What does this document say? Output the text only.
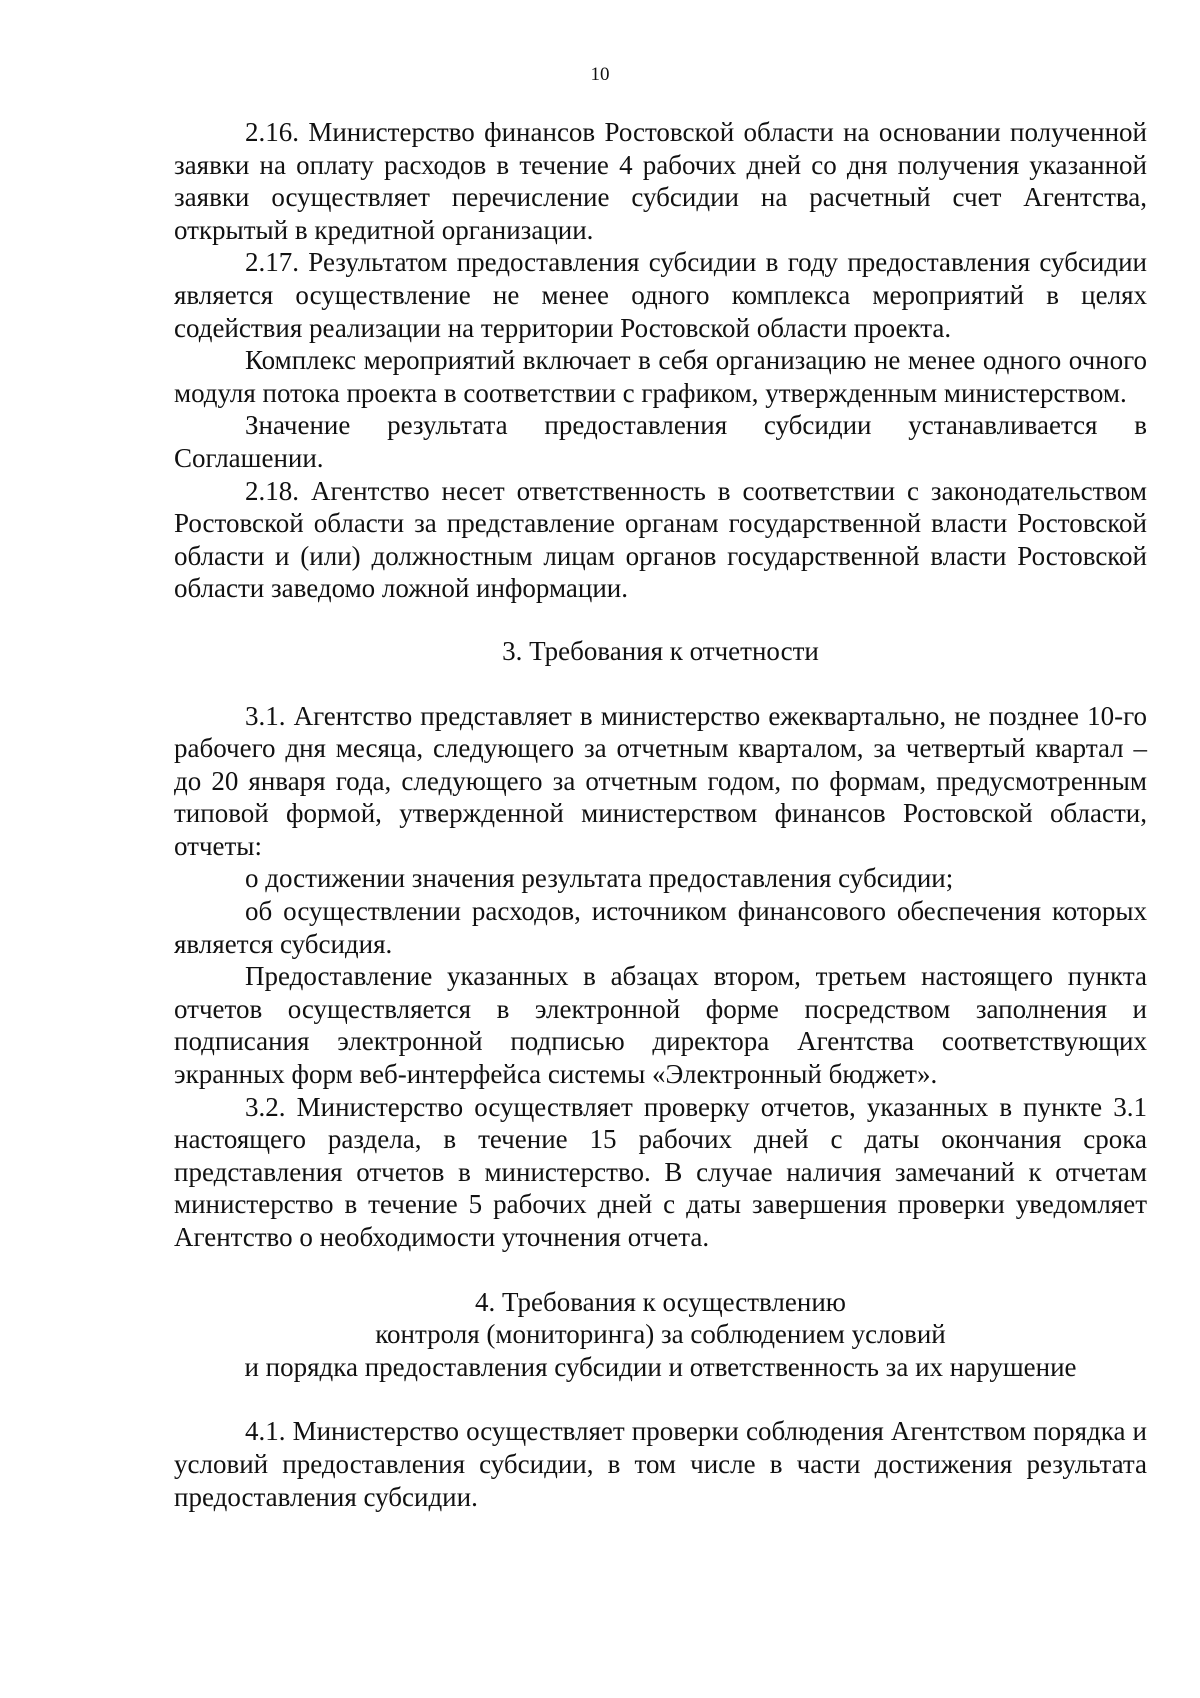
10

2.16. Министерство финансов Ростовской области на основании полученной заявки на оплату расходов в течение 4 рабочих дней со дня получения указанной заявки осуществляет перечисление субсидии на расчетный счет Агентства, открытый в кредитной организации.

2.17. Результатом предоставления субсидии в году предоставления субсидии является осуществление не менее одного комплекса мероприятий в целях содействия реализации на территории Ростовской области проекта.

Комплекс мероприятий включает в себя организацию не менее одного очного модуля потока проекта в соответствии с графиком, утвержденным министерством.

Значение результата предоставления субсидии устанавливается в Соглашении.

2.18. Агентство несет ответственность в соответствии с законодательством Ростовской области за представление органам государственной власти Ростовской области и (или) должностным лицам органов государственной власти Ростовской области заведомо ложной информации.

3. Требования к отчетности

3.1. Агентство представляет в министерство ежеквартально, не позднее 10-го рабочего дня месяца, следующего за отчетным кварталом, за четвертый квартал – до 20 января года, следующего за отчетным годом, по формам, предусмотренным типовой формой, утвержденной министерством финансов Ростовской области, отчеты:

о достижении значения результата предоставления субсидии;

об осуществлении расходов, источником финансового обеспечения которых является субсидия.

Предоставление указанных в абзацах втором, третьем настоящего пункта отчетов осуществляется в электронной форме посредством заполнения и подписания электронной подписью директора Агентства соответствующих экранных форм веб-интерфейса системы «Электронный бюджет».

3.2. Министерство осуществляет проверку отчетов, указанных в пункте 3.1 настоящего раздела, в течение 15 рабочих дней с даты окончания срока представления отчетов в министерство. В случае наличия замечаний к отчетам министерство в течение 5 рабочих дней с даты завершения проверки уведомляет Агентство о необходимости уточнения отчета.

4. Требования к осуществлению
контроля (мониторинга) за соблюдением условий
и порядка предоставления субсидии и ответственность за их нарушение

4.1. Министерство осуществляет проверки соблюдения Агентством порядка и условий предоставления субсидии, в том числе в части достижения результата предоставления субсидии.
